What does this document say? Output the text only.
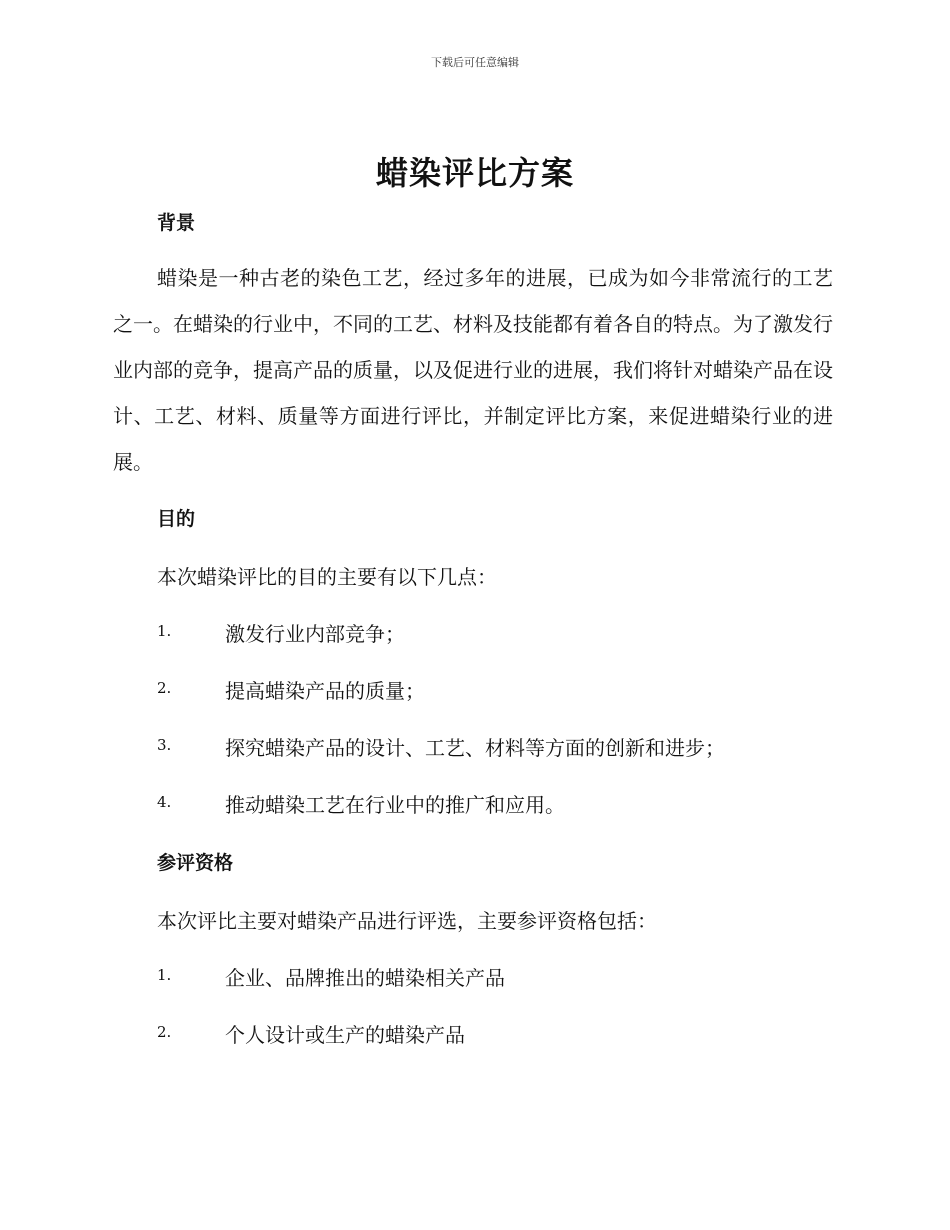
下载后可任意编辑
蜡染评比方案
背景

蜡染是一种古老的染色工艺，经过多年的进展，已成为如今非常流行的工艺之一。在蜡染的行业中，不同的工艺、材料及技能都有着各自的特点。为了激发行业内部的竞争，提高产品的质量，以及促进行业的进展，我们将针对蜡染产品在设计、工艺、材料、质量等方面进行评比，并制定评比方案，来促进蜡染行业的进展。

目的

本次蜡染评比的目的主要有以下几点：

1.	激发行业内部竞争；
2.	提高蜡染产品的质量；
3.	探究蜡染产品的设计、工艺、材料等方面的创新和进步；
4.	推动蜡染工艺在行业中的推广和应用。
参评资格

本次评比主要对蜡染产品进行评选，主要参评资格包括：

1.	企业、品牌推出的蜡染相关产品
2.	个人设计或生产的蜡染产品
